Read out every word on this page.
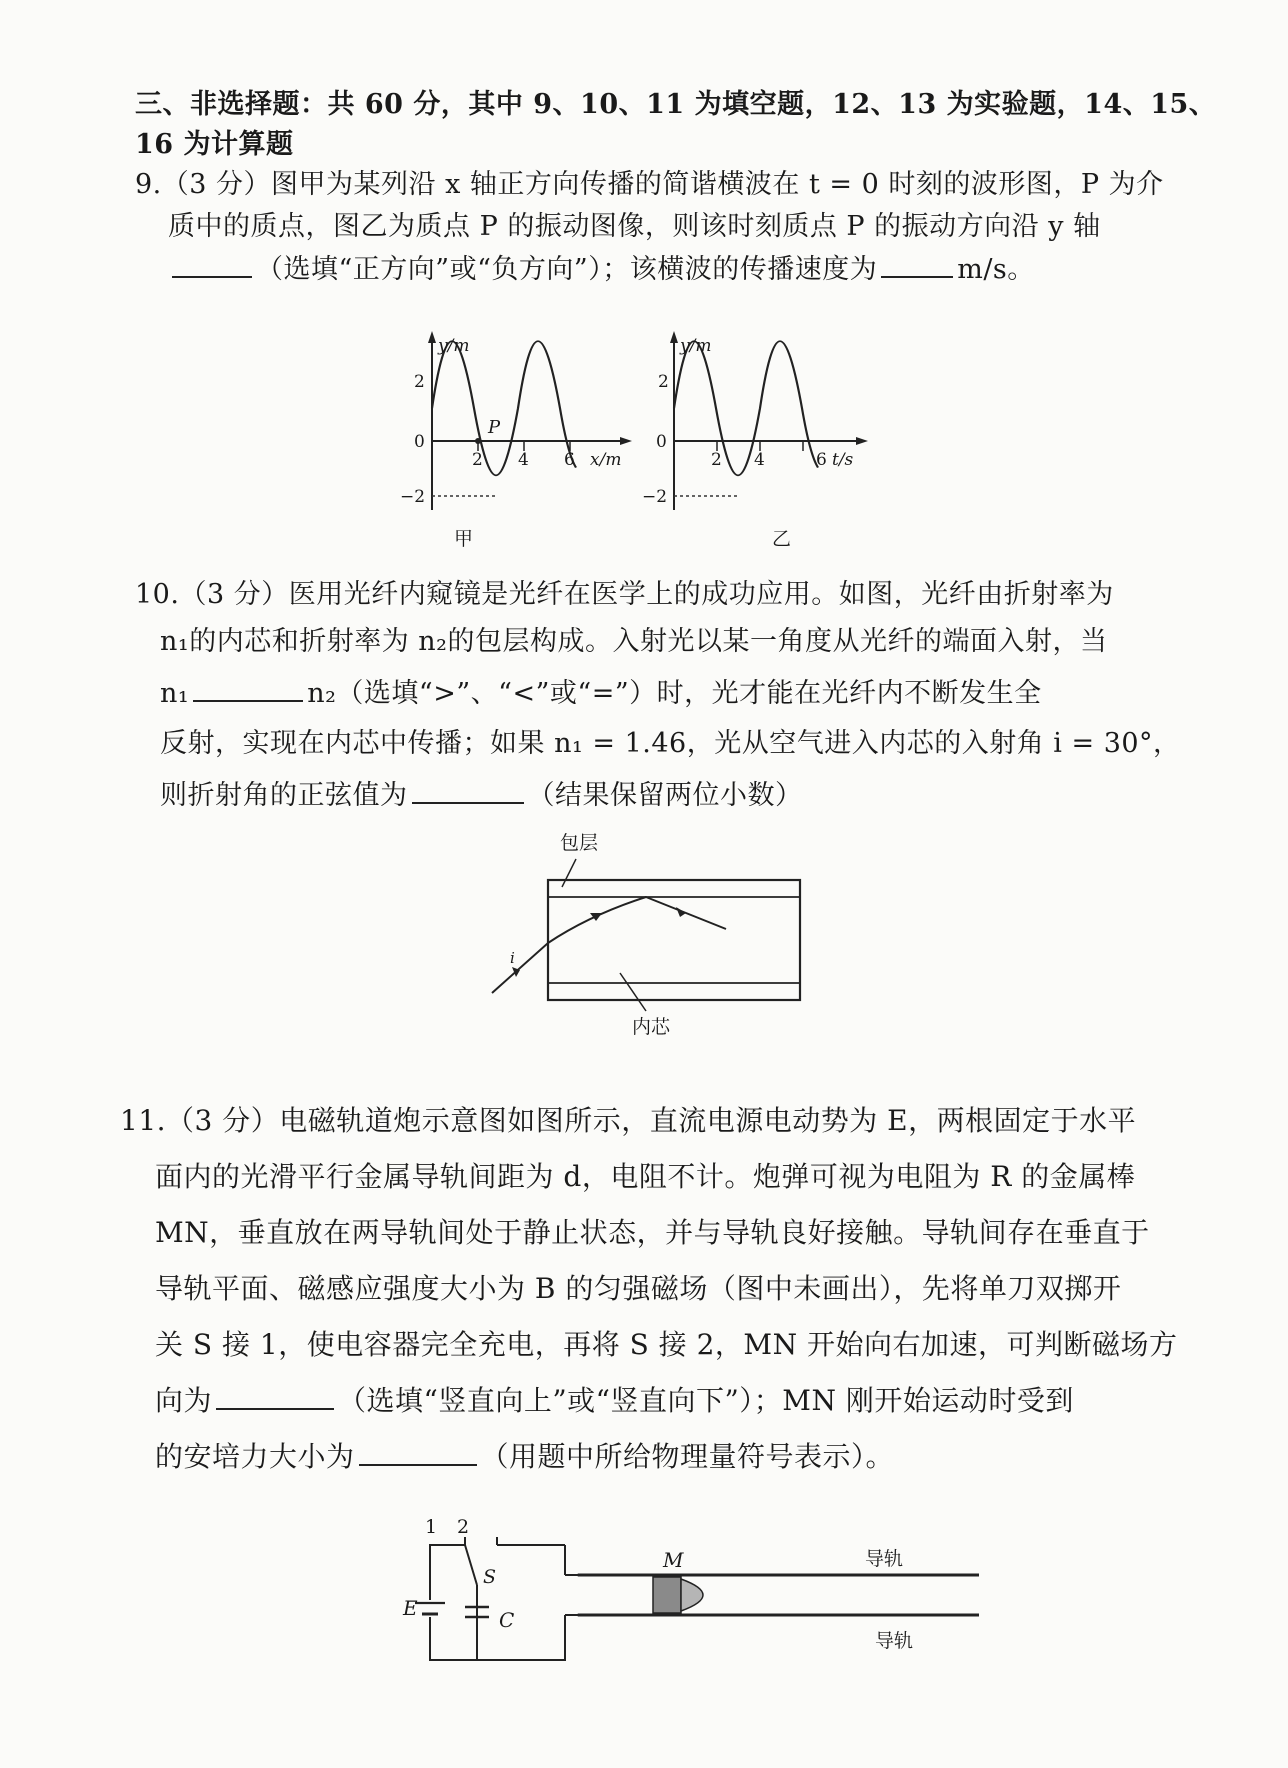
三、非选择题：共 60 分，其中 9、10、11 为填空题，12、13 为实验题，14、15、
16 为计算题
9.（3 分）图甲为某列沿 x 轴正方向传播的简谐横波在 t = 0 时刻的波形图，P 为介
质中的质点，图乙为质点 P 的振动图像，则该时刻质点 P 的振动方向沿 y 轴
（选填“正方向”或“负方向”）；该横波的传播速度为	m/s。
y/m
2
0
−2
2 4 6 x/m
P
甲
y/m
2
0
−2
2 4	6 t/s
乙
10.（3 分）医用光纤内窥镜是光纤在医学上的成功应用。如图，光纤由折射率为
n₁的内芯和折射率为 n₂的包层构成。入射光以某一角度从光纤的端面入射，当
n₁	n₂（选填“>”、“<”或“=”）时，光才能在光纤内不断发生全
反射，实现在内芯中传播；如果 n₁ = 1.46，光从空气进入内芯的入射角 i = 30°，
则折射角的正弦值为	（结果保留两位小数）
包层
i
内芯
11.（3 分）电磁轨道炮示意图如图所示，直流电源电动势为 E，两根固定于水平
面内的光滑平行金属导轨间距为 d，电阻不计。炮弹可视为电阻为 R 的金属棒
MN，垂直放在两导轨间处于静止状态，并与导轨良好接触。导轨间存在垂直于
导轨平面、磁感应强度大小为 B 的匀强磁场（图中未画出），先将单刀双掷开
关 S 接 1，使电容器完全充电，再将 S 接 2，MN 开始向右加速，可判断磁场方
向为	（选填“竖直向上”或“竖直向下”）；MN 刚开始运动时受到
的安培力大小为	（用题中所给物理量符号表示）。
E
1 2
S
C
M	导轨
导轨
